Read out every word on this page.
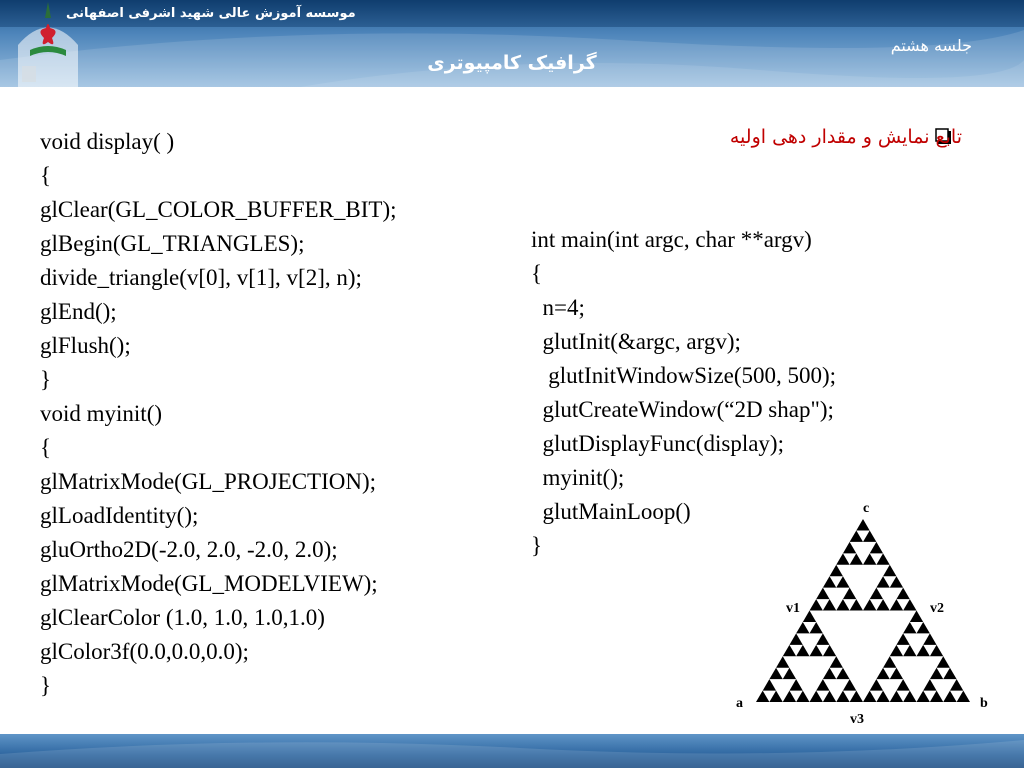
موسسه آموزش عالی شهید اشرفی اصفهانی
جلسه هشتم
گرافیک کامپیوتری
تابع نمایش و مقدار دهی اولیه
void display( )
{
glClear(GL_COLOR_BUFFER_BIT);
glBegin(GL_TRIANGLES);
divide_triangle(v[0], v[1], v[2], n);
glEnd();
glFlush();
}
void myinit()
{
glMatrixMode(GL_PROJECTION);
glLoadIdentity();
gluOrtho2D(-2.0, 2.0, -2.0, 2.0);
glMatrixMode(GL_MODELVIEW);
glClearColor (1.0, 1.0, 1.0,1.0)
glColor3f(0.0,0.0,0.0);
}
int main(int argc, char **argv)
{
n=4;
glutInit(&argc, argv);
glutInitWindowSize(500, 500);
glutCreateWindow(“2D shap");
glutDisplayFunc(display);
myinit();
glutMainLoop()
}
c
v1	v2
a	b
v3
